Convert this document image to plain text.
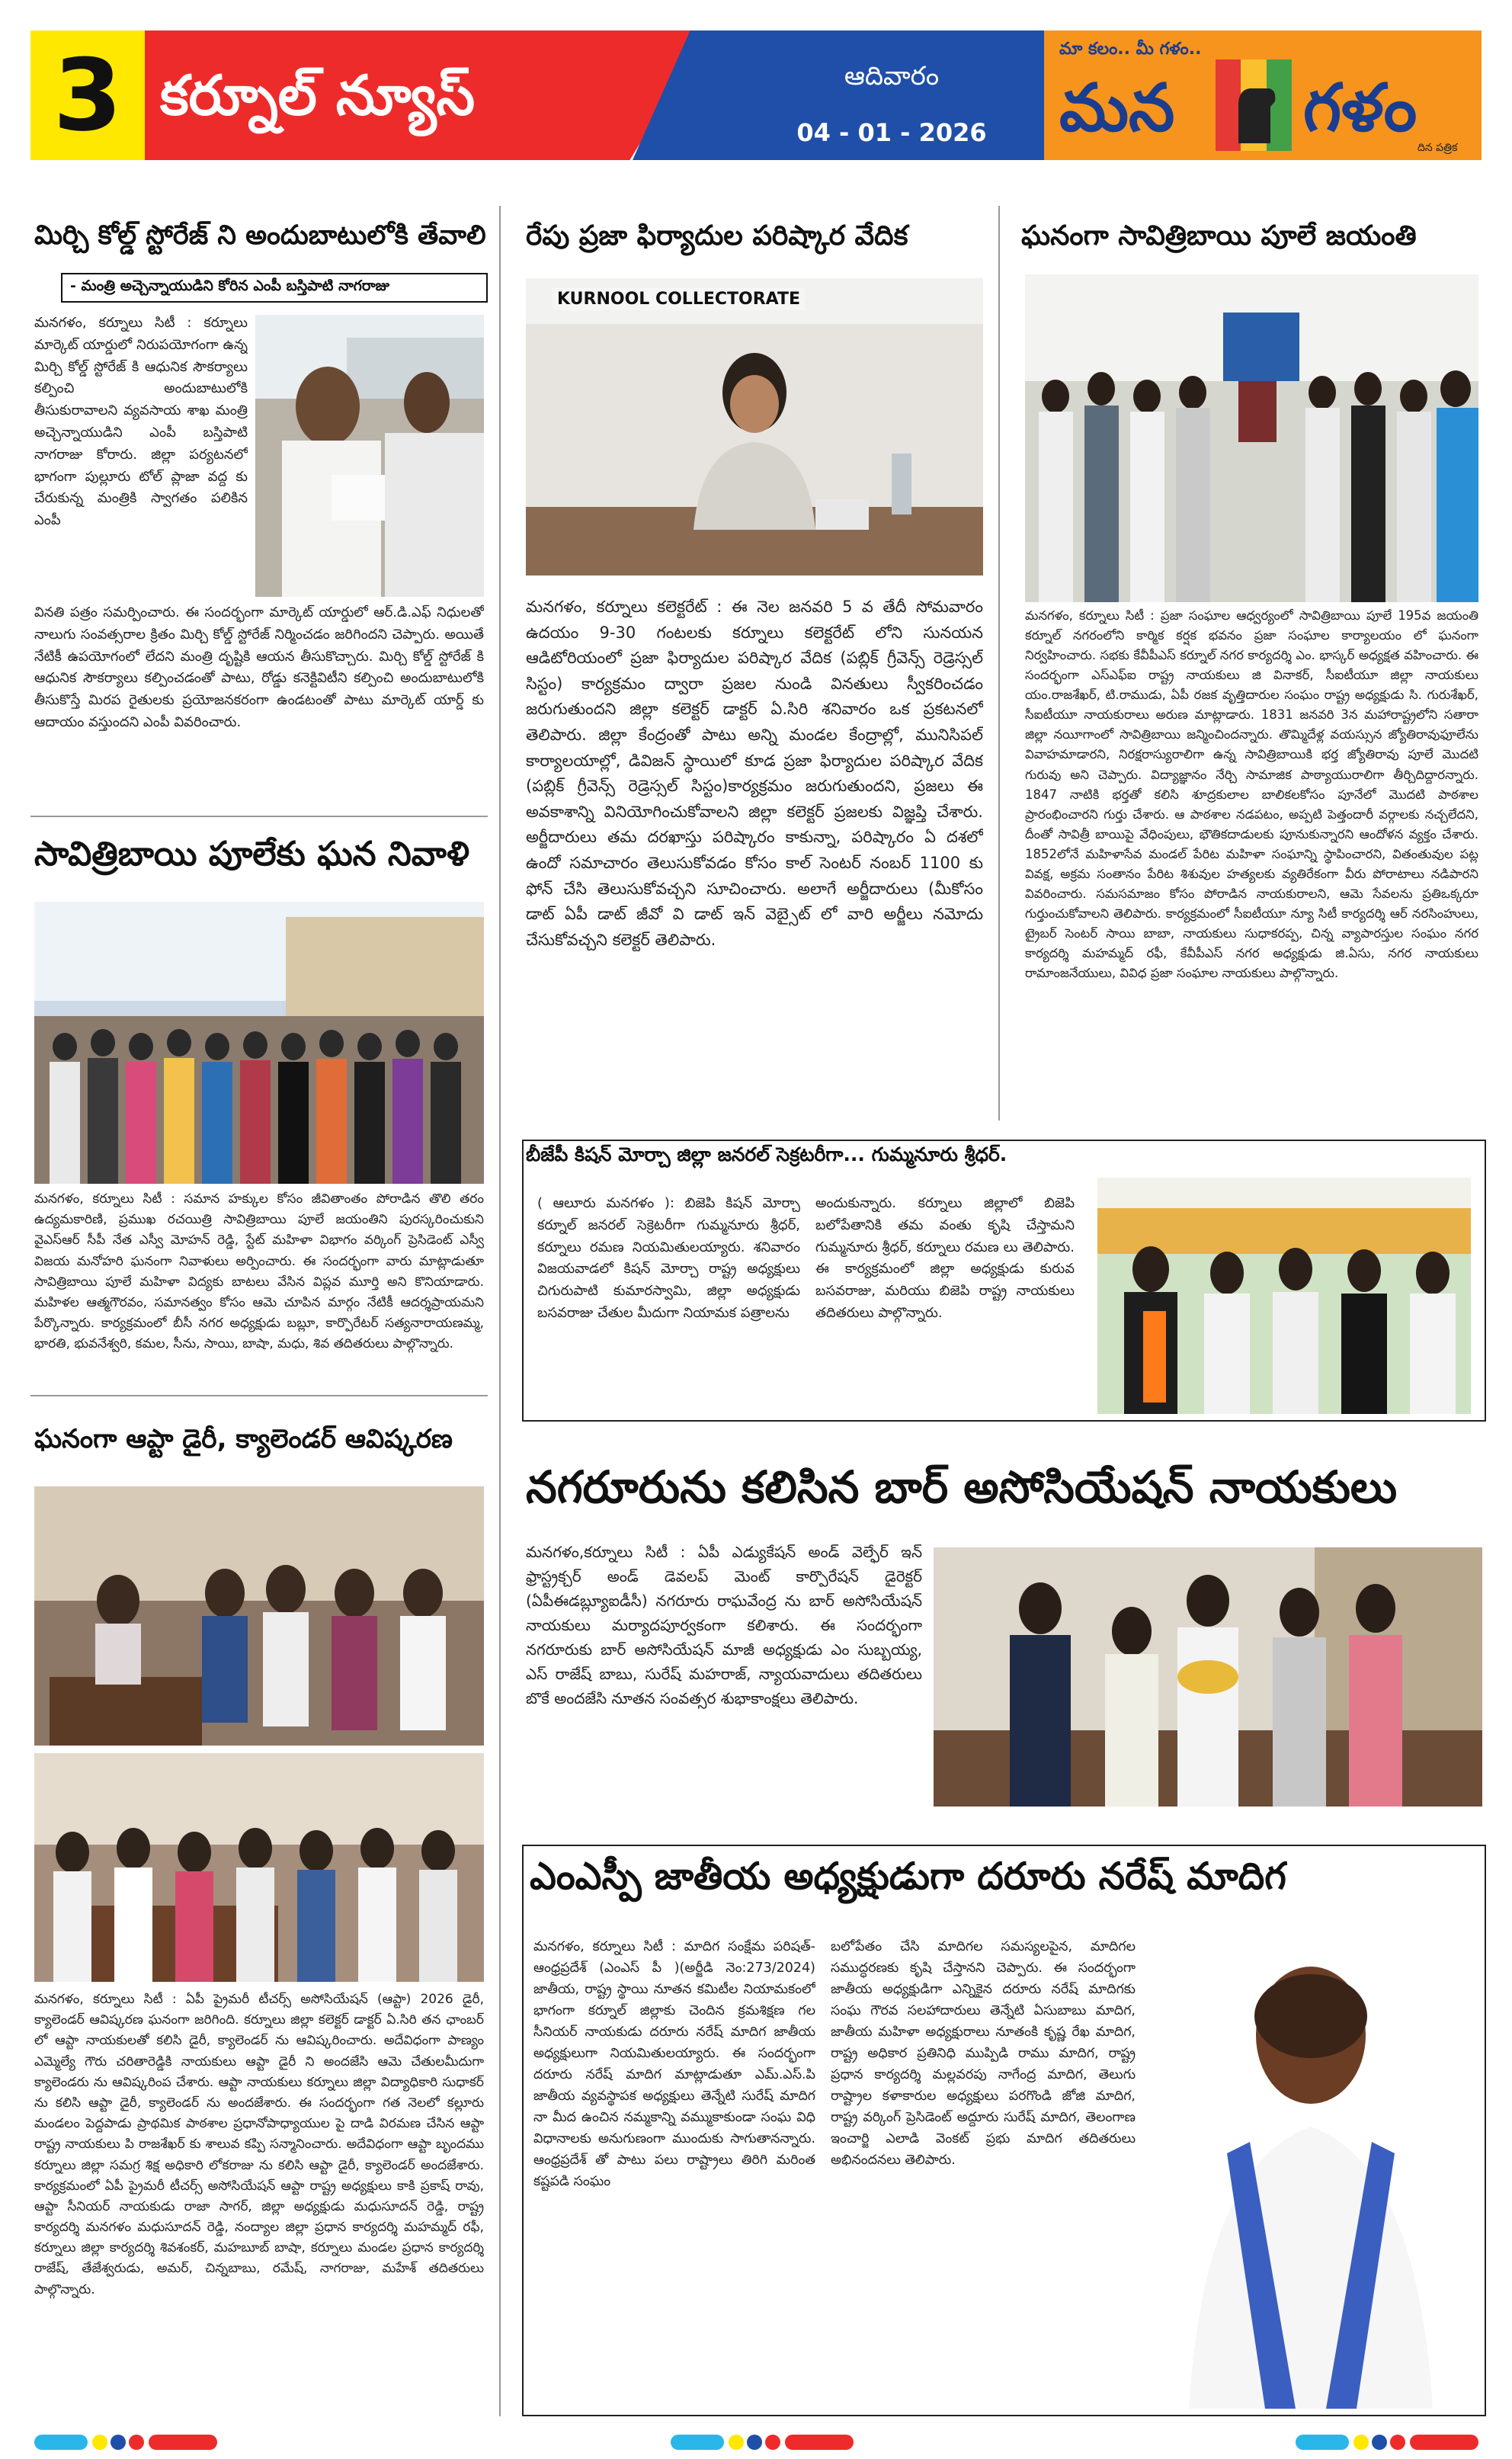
3 కర్నూల్ న్యూస్	ఆదివారం
04 - 01 - 2026
మా కలం.. మీ గళం..
మన గళం
దిన పత్రిక
మిర్చి కోల్డ్ స్టోరేజ్ ని అందుబాటులోకి తేవాలి
- మంత్రి అచ్చెన్నాయుడిని కోరిన ఎంపీ బస్తిపాటి నాగరాజు
మనగళం, కర్నూలు సిటీ : కర్నూలు మార్కెట్ యార్డులో నిరుపయోగంగా ఉన్న మిర్చి కోల్డ్ స్టోరేజ్ కి ఆధునిక సౌకర్యాలు కల్పించి అందుబాటులోకి తీసుకురావాలని వ్యవసాయ శాఖ మంత్రి అచ్చెన్నాయుడిని ఎంపీ బస్తిపాటి నాగరాజు కోరారు. జిల్లా పర్యటనలో భాగంగా పుల్లూరు టోల్ ప్లాజా వద్ద కు చేరుకున్న మంత్రికి స్వాగతం పలికిన ఎంపీ
వినతి పత్రం సమర్పించారు. ఈ సందర్భంగా మార్కెట్ యార్డులో ఆర్.డి.ఎఫ్ నిధులతో నాలుగు సంవత్సరాల క్రితం మిర్చి కోల్డ్ స్టోరేజ్ నిర్మించడం జరిగిందని చెప్పారు. అయితే నేటికీ ఉపయోగంలో లేదని మంత్రి దృష్టికి ఆయన తీసుకొచ్చారు. మిర్చి కోల్డ్ స్టోరేజ్ కి ఆధునిక సౌకర్యాలు కల్పించడంతో పాటు, రోడ్డు కనెక్టివిటీని కల్పించి అందుబాటులోకి తీసుకొస్తే మిరప రైతులకు ప్రయోజనకరంగా ఉండటంతో పాటు మార్కెట్ యార్డ్ కు ఆదాయం వస్తుందని ఎంపీ వివరించారు.
సావిత్రిబాయి పూలేకు ఘన నివాళి
మనగళం, కర్నూలు సిటీ : సమాన హక్కుల కోసం జీవితాంతం పోరాడిన తొలి తరం ఉద్యమకారిణి, ప్రముఖ రచయిత్రి సావిత్రిబాయి పూలే జయంతిని పురస్కరించుకుని వైఎస్ఆర్ సీపీ నేత ఎస్వీ మోహన్ రెడ్డి, స్టేట్ మహిళా విభాగం వర్కింగ్ ప్రెసిడెంట్ ఎస్వీ విజయ మనోహరి ఘనంగా నివాళులు అర్పించారు. ఈ సందర్భంగా వారు మాట్లాడుతూ సావిత్రిబాయి పూలే మహిళా విద్యకు బాటలు వేసిన విప్లవ మూర్తి అని కొనియాడారు. మహిళల ఆత్మగౌరవం, సమానత్వం కోసం ఆమె చూపిన మార్గం నేటికీ ఆదర్శప్రాయమని పేర్కొన్నారు. కార్యక్రమంలో బీసీ నగర అధ్యక్షుడు బబ్లూ, కార్పొరేటర్ సత్యనారాయణమ్మ, భారతి, భువనేశ్వరి, కమల, సీను, సాయి, బాషా, మధు, శివ తదితరులు పాల్గొన్నారు.
ఘనంగా ఆప్టా డైరీ, క్యాలెండర్ ఆవిష్కరణ
మనగళం, కర్నూలు సిటీ : ఏపీ ప్రైమరీ టీచర్స్ అసోసియేషన్ (ఆప్టా) 2026 డైరీ, క్యాలెండర్ ఆవిష్కరణ ఘనంగా జరిగింది. కర్నూలు జిల్లా కలెక్టర్ డాక్టర్ ఏ.సిరి తన ఛాంబర్ లో ఆప్టా నాయకులతో కలిసి డైరీ, క్యాలెండర్ ను ఆవిష్కరించారు. అదేవిధంగా పాణ్యం ఎమ్మెల్యే గౌరు చరితారెడ్డికి నాయకులు ఆప్టా డైరీ ని అందజేసి ఆమె చేతులమీదుగా క్యాలెండరు ను ఆవిష్కరింప చేశారు. ఆప్టా నాయకులు కర్నూలు జిల్లా విద్యాధికారి సుధాకర్ ను కలిసి ఆప్టా డైరీ, క్యాలెండర్ ను అందజేశారు. ఈ సందర్భంగా గత నెలలో కల్లూరు మండలం పెద్దపాడు ప్రాథమిక పాఠశాల ప్రధానోపాధ్యాయుల పై దాడి విరమణ చేసిన ఆప్టా రాష్ట్ర నాయకులు పి రాజశేఖర్ కు శాలువ కప్పి సన్మానించారు. అదేవిధంగా ఆప్టా బృందము కర్నూలు జిల్లా సమగ్ర శిక్ష అధికారి లోకరాజు ను కలిసి ఆప్టా డైరీ, క్యాలెండర్ అందజేశారు. కార్యక్రమంలో ఏపీ ప్రైమరీ టీచర్స్ అసోసియేషన్ ఆప్టా రాష్ట్ర అధ్యక్షులు కాకి ప్రకాష్ రావు, ఆప్టా సీనియర్ నాయకుడు రాజా సాగర్, జిల్లా అధ్యక్షుడు మధుసూదన్ రెడ్డి, రాష్ట్ర కార్యదర్శి మనగళం మధుసూదన్ రెడ్డి, నంద్యాల జిల్లా ప్రధాన కార్యదర్శి మహమ్మద్ రఫీ, కర్నూలు జిల్లా కార్యదర్శి శివశంకర్, మహబూబ్ బాషా, కర్నూలు మండల ప్రధాన కార్యదర్శి రాజేష్, తేజేశ్వరుడు, అమర్, చిన్నబాబు, రమేష్, నాగరాజు, మహేశ్ తదితరులు పాల్గొన్నారు.
రేపు ప్రజా ఫిర్యాదుల పరిష్కార వేదిక
KURNOOL COLLECTORATE
మనగళం, కర్నూలు కలెక్టరేట్ : ఈ నెల జనవరి 5 వ తేదీ సోమవారం ఉదయం 9-30 గంటలకు కర్నూలు కలెక్టరేట్ లోని సునయన ఆడిటోరియంలో ప్రజా ఫిర్యాదుల పరిష్కార వేదిక (పబ్లిక్ గ్రీవెన్స్ రెడ్రెస్సల్ సిస్టం) కార్యక్రమం ద్వారా ప్రజల నుండి వినతులు స్వీకరించడం జరుగుతుందని జిల్లా కలెక్టర్ డాక్టర్ ఏ.సిరి శనివారం ఒక ప్రకటనలో తెలిపారు. జిల్లా కేంద్రంతో పాటు అన్ని మండల కేంద్రాల్లో, మునిసిపల్ కార్యాలయాల్లో, డివిజన్ స్థాయిలో కూడ ప్రజా ఫిర్యాదుల పరిష్కార వేదిక (పబ్లిక్ గ్రీవెన్స్ రెడ్రెస్సల్ సిస్టం)కార్యక్రమం జరుగుతుందని, ప్రజలు ఈ అవకాశాన్ని వినియోగించుకోవాలని జిల్లా కలెక్టర్ ప్రజలకు విజ్ఞప్తి చేశారు. అర్జీదారులు తమ దరఖాస్తు పరిష్కారం కాకున్నా, పరిష్కారం ఏ దశలో ఉందో సమాచారం తెలుసుకోవడం కోసం కాల్ సెంటర్ నంబర్ 1100 కు ఫోన్ చేసి తెలుసుకోవచ్చని సూచించారు. అలాగే అర్జీదారులు (మీకోసం డాట్ ఏపీ డాట్ జీవో వి డాట్ ఇన్ వెబ్సైట్ లో వారి అర్జీలు నమోదు చేసుకోవచ్చని కలెక్టర్ తెలిపారు.
బీజేపీ కిషన్ మోర్చా జిల్లా జనరల్ సెక్రటరీగా... గుమ్మనూరు శ్రీధర్.
( ఆలూరు మనగళం ): బిజెపి కిషన్ మోర్చా కర్నూల్ జనరల్ సెక్రెటరీగా గుమ్మనూరు శ్రీధర్, కర్నూలు రమణ నియమితులయ్యారు. శనివారం విజయవాడలో కిషన్ మోర్చా రాష్ట్ర అధ్యక్షులు చిగురుపాటి కుమారస్వామి, జిల్లా అధ్యక్షుడు బసవరాజు చేతుల మీదుగా నియామక పత్రాలను
అందుకున్నారు. కర్నూలు జిల్లాలో బిజెపి బలోపేతానికి తమ వంతు కృషి చేస్తామని గుమ్మనూరు శ్రీధర్, కర్నూలు రమణ లు తెలిపారు. ఈ కార్యక్రమంలో జిల్లా అధ్యక్షుడు కురువ బసవరాజు, మరియు బిజెపి రాష్ట్ర నాయకులు తదితరులు పాల్గొన్నారు.
నగరూరును కలిసిన బార్ అసోసియేషన్ నాయకులు
మనగళం,కర్నూలు సిటీ : ఏపీ ఎడ్యుకేషన్ అండ్ వెల్ఫేర్ ఇన్ ఫ్రాస్ట్రక్చర్ అండ్ డెవలప్ మెంట్ కార్పొరేషన్ డైరెక్టర్ (ఏపీఈడబ్ల్యూఐడీసీ) నగరూరు రాఘవేంద్ర ను బార్ అసోసియేషన్ నాయకులు మర్యాదపూర్వకంగా కలిశారు. ఈ సందర్భంగా నగరూరుకు బార్ అసోసియేషన్ మాజీ అధ్యక్షుడు ఎం సుబ్బయ్య, ఎస్ రాజేష్ బాబు, సురేష్ మహరాజ్, న్యాయవాదులు తదితరులు బొకే అందజేసి నూతన సంవత్సర శుభాకాంక్షలు తెలిపారు.
ఎంఎస్పీ జాతీయ అధ్యక్షుడుగా దరూరు నరేష్ మాదిగ
మనగళం, కర్నూలు సిటీ : మాదిగ సంక్షేమ పరిషత్-ఆంధ్రప్రదేశ్ (ఎంఎస్ పీ )(అర్జీడి నెం:273/2024) జాతీయ, రాష్ట్ర స్థాయి నూతన కమిటీల నియామకంలో భాగంగా కర్నూల్ జిల్లాకు చెందిన క్రమశిక్షణ గల సీనియర్ నాయకుడు దరూరు నరేష్ మాదిగ జాతీయ అధ్యక్షులుగా నియమితులయ్యారు. ఈ సందర్భంగా దరూరు నరేష్ మాదిగ మాట్లాడుతూ ఎమ్.ఎస్.పి జాతీయ వ్యవస్థాపక అధ్యక్షులు తెన్నేటి సురేష్ మాదిగ నా మీద ఉంచిన నమ్మకాన్ని వమ్ముకాకుండా సంఘ విధి విధానాలకు అనుగుణంగా ముందుకు సాగుతానన్నారు. ఆంధ్రప్రదేశ్ తో పాటు పలు రాష్ట్రాలు తిరిగి మరింత కష్టపడి సంఘం
బలోపేతం చేసి మాదిగల సమస్యలపైన, మాదిగల సముద్ధరణకు కృషి చేస్తానని చెప్పారు. ఈ సందర్భంగా జాతీయ అధ్యక్షుడిగా ఎన్నికైన దరూరు నరేష్ మాదిగకు సంఘ గౌరవ సలహాదారులు తెన్నేటి ఏసుబాబు మాదిగ, జాతీయ మహిళా అధ్యక్షురాలు నూతంకి కృష్ణ రేఖ మాదిగ, రాష్ట్ర అధికార ప్రతినిధి ముప్పిడి రాము మాదిగ, రాష్ట్ర ప్రధాన కార్యదర్శి మల్లవరపు నాగేంద్ర మాదిగ, తెలుగు రాష్ట్రాల కళాకారుల అధ్యక్షులు పరగొండి జోజి మాదిగ, రాష్ట్ర వర్కింగ్ ప్రెసిడెంట్ అద్దూరు సురేష్ మాదిగ, తెలంగాణ ఇంచార్జి ఎలాడి వెంకట్ ప్రభు మాదిగ తదితరులు అభినందనలు తెలిపారు.
ఘనంగా సావిత్రిబాయి పూలే జయంతి
మనగళం, కర్నూలు సిటీ : ప్రజా సంఘాల ఆధ్వర్యంలో సావిత్రిబాయి పూలే 195వ జయంతి కర్నూల్ నగరంలోని కార్మిక కర్షక భవనం ప్రజా సంఘాల కార్యాలయం లో ఘనంగా నిర్వహించారు. సభకు కేవీపీఎస్ కర్నూల్ నగర కార్యదర్శి ఎం. భాస్కర్ అధ్యక్షత వహించారు. ఈ సందర్భంగా ఎస్ఎఫ్ఐ రాష్ట్ర నాయకులు జి వినాకర్, సీఐటీయూ జిల్లా నాయకులు యం.రాజశేఖర్, టి.రాముడు, ఏపీ రజక వృత్తిదారుల సంఘం రాష్ట్ర అధ్యక్షుడు సి. గురుశేఖర్, సీఐటీయూ నాయకురాలు అరుణ మాట్లాడారు. 1831 జనవరి 3న మహారాష్ట్రలోని సతారా జిల్లా నయీగాంలో సావిత్రిబాయి జన్మించిందన్నారు. తొమ్మిదేళ్ల వయస్సున జ్యోతిరావుఫూలేను వివాహమాడారని, నిరక్షరాస్యురాలిగా ఉన్న సావిత్రిబాయికి భర్త జ్యోతిరావు పూలే మొదటి గురువు అని చెప్పారు. విద్యాజ్ఞానం నేర్చి సామాజిక పాఠ్యాయురాలిగా తీర్చిదిద్దారన్నారు. 1847 నాటికి భర్తతో కలిసి శూద్రకులాల బాలికలకోసం పూనేలో మొదటి పాఠశాల ప్రారంభించారని గుర్తు చేశారు. ఆ పాఠశాల నడపటం, అప్పటి పెత్తందారీ వర్గాలకు నచ్చలేదని, దీంతో సావిత్రీ బాయిపై వేధింపులు, భౌతికదాడులకు పూనుకున్నారని ఆందోళన వ్యక్తం చేశారు. 1852లోనే మహిళాసేవ మండల్ పేరిట మహిళా సంఘాన్ని స్థాపించారని, వితంతువుల పట్ల వివక్ష, అక్రమ సంతానం పేరిట శిశువుల హత్యలకు వ్యతిరేకంగా వీరు పోరాటాలు నడిపారని వివరించారు. సమసమాజం కోసం పోరాడిన నాయకురాలని, ఆమె సేవలను ప్రతిఒక్కరూ గుర్తుంచుకోవాలని తెలిపారు. కార్యక్రమంలో సీఐటీయూ న్యూ సిటీ కార్యదర్శి ఆర్ నరసింహులు, ట్రైబర్ సెంటర్ సాయి బాబా, నాయకులు సుధాకరప్ప, చిన్న వ్యాపారస్తుల సంఘం నగర కార్యదర్శి మహమ్మద్ రఫీ, కేవీపీఎస్ నగర అధ్యక్షుడు జి.ఏసు, నగర నాయకులు రామాంజనేయులు, వివిధ ప్రజా సంఘాల నాయకులు పాల్గొన్నారు.
